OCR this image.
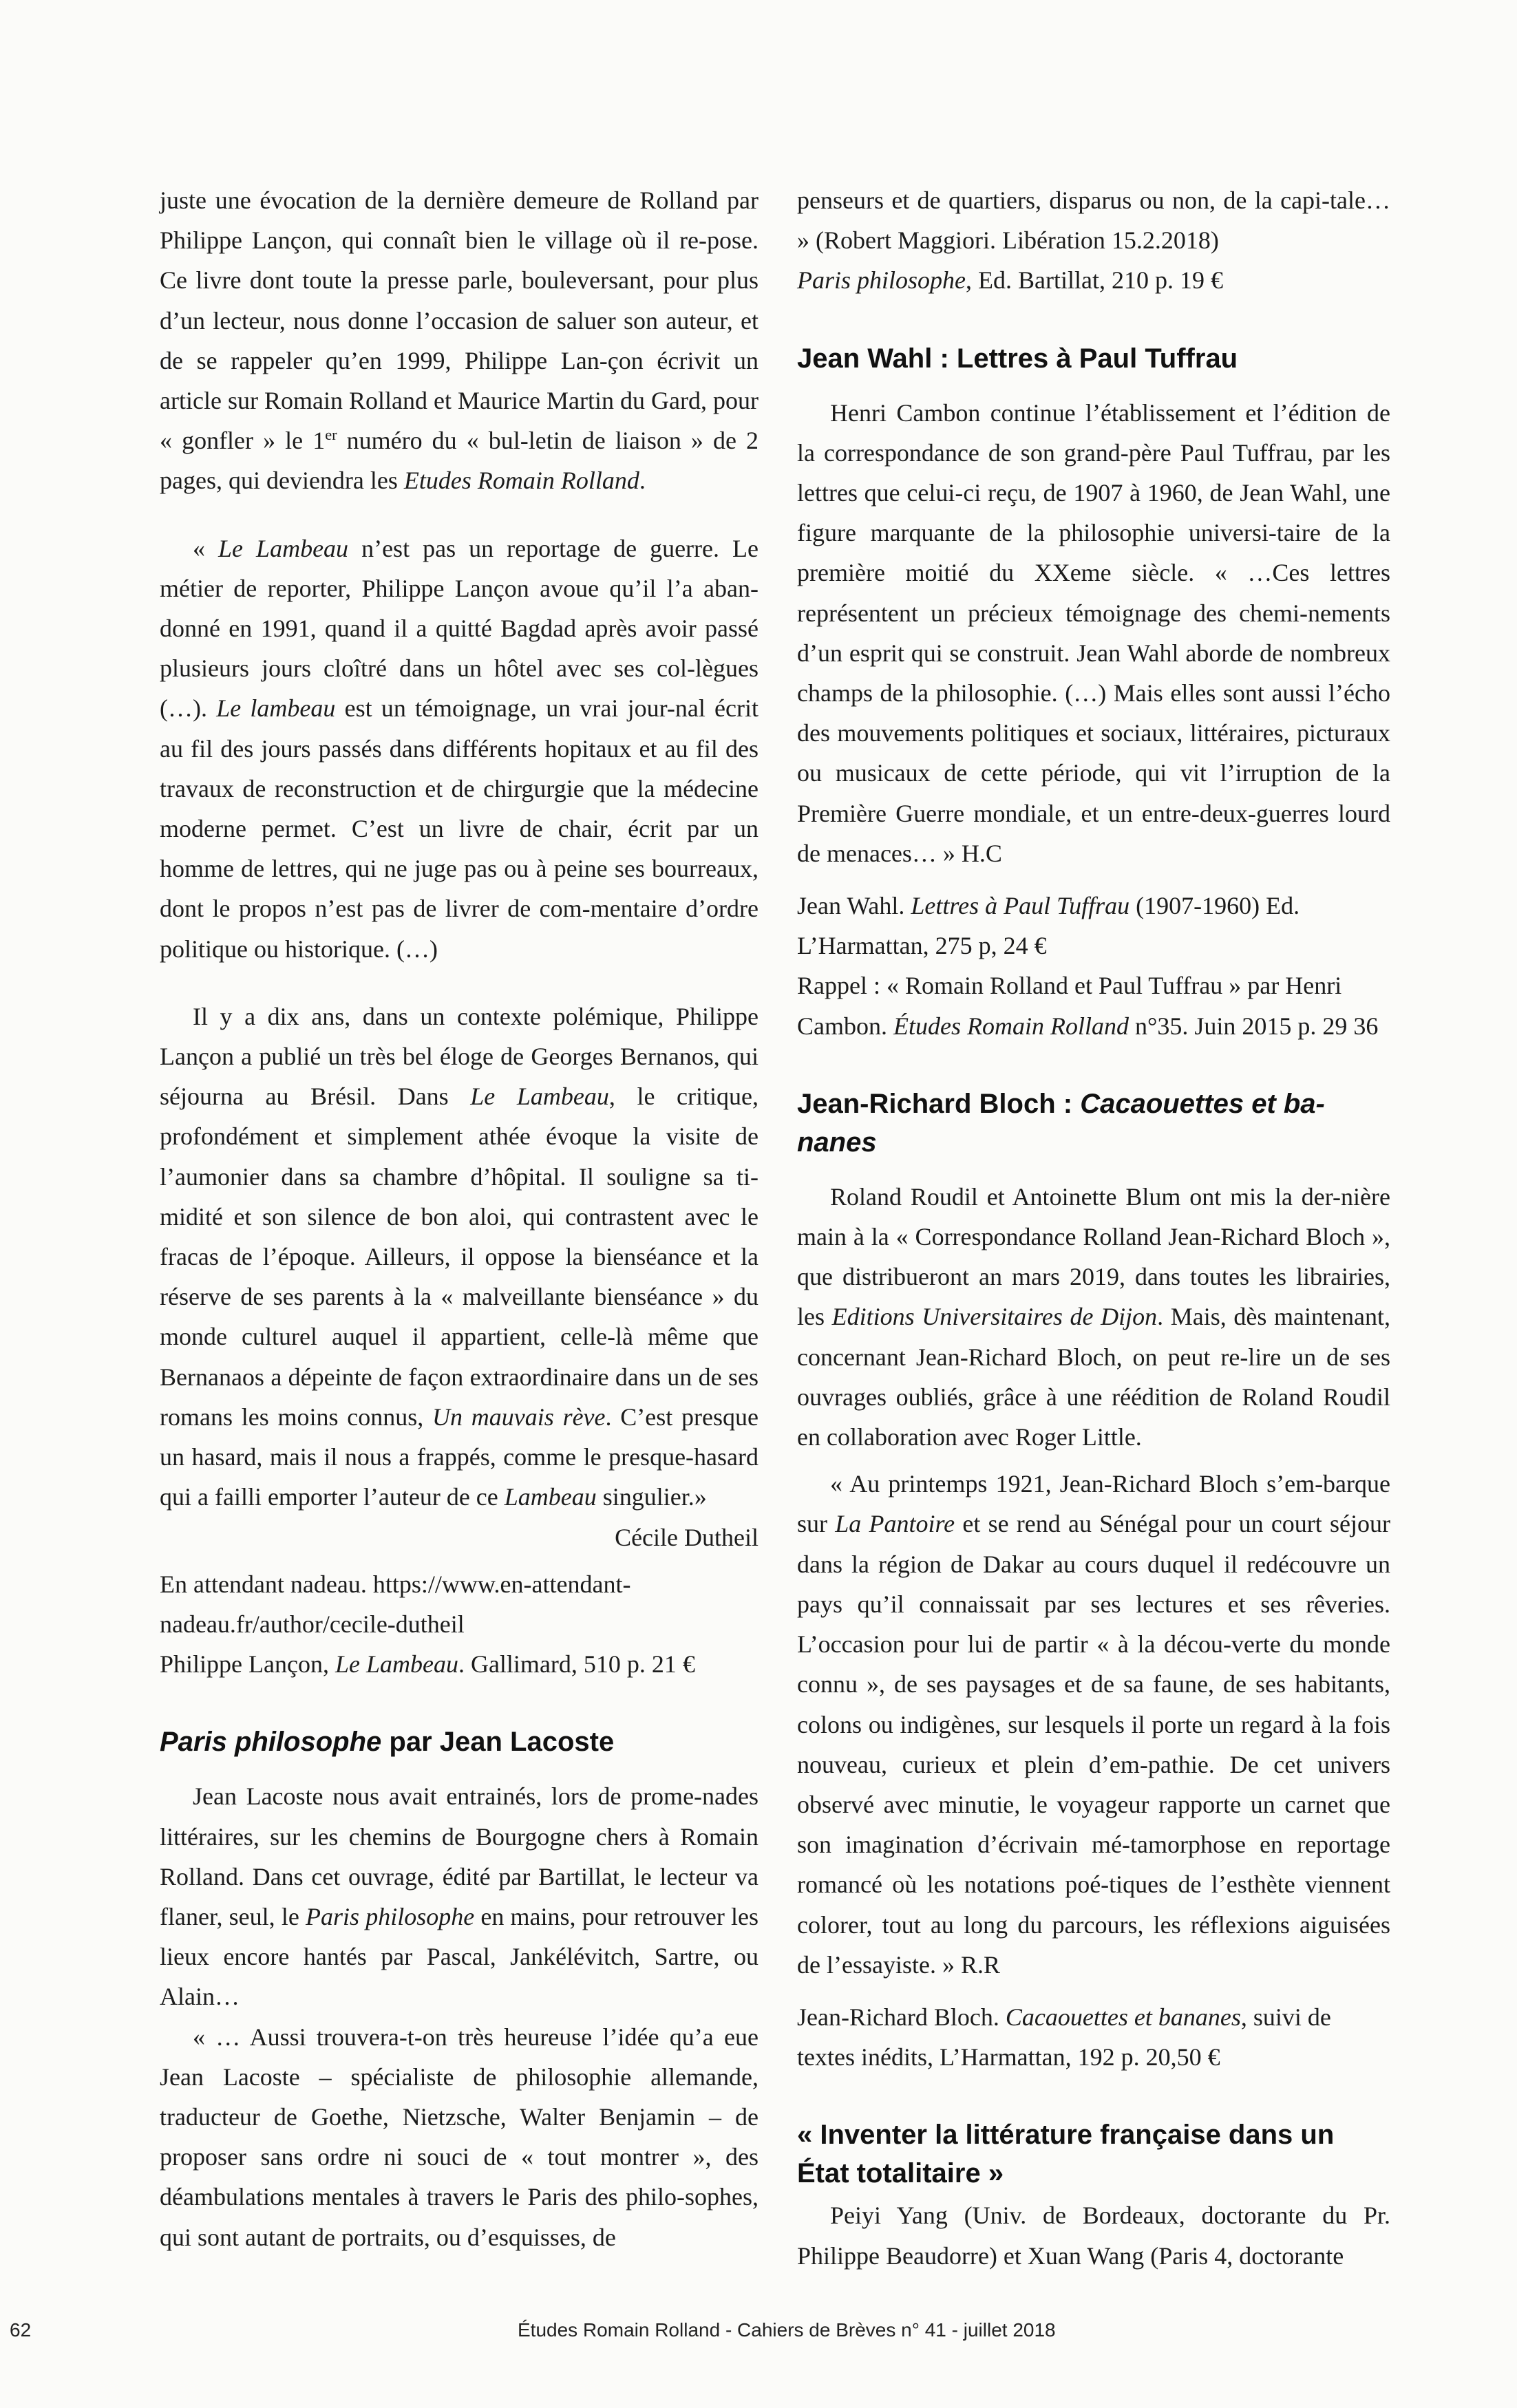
juste une évocation de la dernière demeure de Rolland par Philippe Lançon, qui connaît bien le village où il re-pose. Ce livre dont toute la presse parle, bouleversant, pour plus d’un lecteur, nous donne l’occasion de saluer son auteur, et de se rappeler qu’en 1999, Philippe Lan-çon écrivit un article sur Romain Rolland et Maurice Martin du Gard, pour « gonfler » le 1er numéro du « bul-letin de liaison » de 2 pages, qui deviendra les Etudes Romain Rolland.

« Le Lambeau n’est pas un reportage de guerre. Le métier de reporter, Philippe Lançon avoue qu’il l’a aban-donné en 1991, quand il a quitté Bagdad après avoir passé plusieurs jours cloîtré dans un hôtel avec ses col-lègues (…). Le lambeau est un témoignage, un vrai jour-nal écrit au fil des jours passés dans différents hopitaux et au fil des travaux de reconstruction et de chirgurgie que la médecine moderne permet. C’est un livre de chair, écrit par un homme de lettres, qui ne juge pas ou à peine ses bourreaux, dont le propos n’est pas de livrer de com-mentaire d’ordre politique ou historique. (…)

Il y a dix ans, dans un contexte polémique, Philippe Lançon a publié un très bel éloge de Georges Bernanos, qui séjourna au Brésil. Dans Le Lambeau, le critique, profondément et simplement athée évoque la visite de l’aumonier dans sa chambre d’hôpital. Il souligne sa ti-midité et son silence de bon aloi, qui contrastent avec le fracas de l’époque. Ailleurs, il oppose la bienséance et la réserve de ses parents à la « malveillante bienséance » du monde culturel auquel il appartient, celle-là même que Bernanaos a dépeinte de façon extraordinaire dans un de ses romans les moins connus, Un mauvais rève. C’est presque un hasard, mais il nous a frappés, comme le presque-hasard qui a failli emporter l’auteur de ce Lambeau singulier.»

Cécile Dutheil

En attendant nadeau. https://www.en-attendant-nadeau.fr/author/cecile-dutheil
Philippe Lançon, Le Lambeau. Gallimard, 510 p. 21 €

Paris philosophe par Jean Lacoste

Jean Lacoste nous avait entrainés, lors de prome-nades littéraires, sur les chemins de Bourgogne chers à Romain Rolland. Dans cet ouvrage, édité par Bartillat, le lecteur va flaner, seul, le Paris philosophe en mains, pour retrouver les lieux encore hantés par Pascal, Jankélévitch, Sartre, ou Alain…

« … Aussi trouvera-t-on très heureuse l’idée qu’a eue Jean Lacoste – spécialiste de philosophie allemande, traducteur de Goethe, Nietzsche, Walter Benjamin – de proposer sans ordre ni souci de « tout montrer », des déambulations mentales à travers le Paris des philo-sophes, qui sont autant de portraits, ou d’esquisses, de

penseurs et de quartiers, disparus ou non, de la capi-tale… » (Robert Maggiori. Libération 15.2.2018)

Paris philosophe, Ed. Bartillat, 210 p. 19 €

Jean Wahl : Lettres à Paul Tuffrau

Henri Cambon continue l’établissement et l’édition de la correspondance de son grand-père Paul Tuffrau, par les lettres que celui-ci reçu, de 1907 à 1960, de Jean Wahl, une figure marquante de la philosophie universi-taire de la première moitié du XXeme siècle. « …Ces lettres représentent un précieux témoignage des chemi-nements d’un esprit qui se construit. Jean Wahl aborde de nombreux champs de la philosophie. (…) Mais elles sont aussi l’écho des mouvements politiques et sociaux, littéraires, picturaux ou musicaux de cette période, qui vit l’irruption de la Première Guerre mondiale, et un entre-deux-guerres lourd de menaces… » H.C

Jean Wahl. Lettres à Paul Tuffrau (1907-1960) Ed. L’Harmattan, 275 p, 24 €
Rappel : « Romain Rolland et Paul Tuffrau » par Henri Cambon. Études Romain Rolland n°35. Juin 2015 p. 29 36

Jean-Richard Bloch : Cacaouettes et ba-nanes

Roland Roudil et Antoinette Blum ont mis la der-nière main à la « Correspondance Rolland Jean-Richard Bloch », que distribueront an mars 2019, dans toutes les librairies, les Editions Universitaires de Dijon. Mais, dès maintenant, concernant Jean-Richard Bloch, on peut re-lire un de ses ouvrages oubliés, grâce à une réédition de Roland Roudil en collaboration avec Roger Little.

« Au printemps 1921, Jean-Richard Bloch s’em-barque sur La Pantoire et se rend au Sénégal pour un court séjour dans la région de Dakar au cours duquel il redécouvre un pays qu’il connaissait par ses lectures et ses rêveries. L’occasion pour lui de partir « à la décou-verte du monde connu », de ses paysages et de sa faune, de ses habitants, colons ou indigènes, sur lesquels il porte un regard à la fois nouveau, curieux et plein d’em-pathie. De cet univers observé avec minutie, le voyageur rapporte un carnet que son imagination d’écrivain mé-tamorphose en reportage romancé où les notations poé-tiques de l’esthète viennent colorer, tout au long du parcours, les réflexions aiguisées de l’essayiste. » R.R

Jean-Richard Bloch. Cacaouettes et bananes, suivi de textes inédits, L’Harmattan, 192 p. 20,50 €

« Inventer la littérature française dans un État totalitaire »

Peiyi Yang (Univ. de Bordeaux, doctorante du Pr. Philippe Beaudorre) et Xuan Wang (Paris 4, doctorante

62	Études Romain Rolland - Cahiers de Brèves n° 41 - juillet 2018
